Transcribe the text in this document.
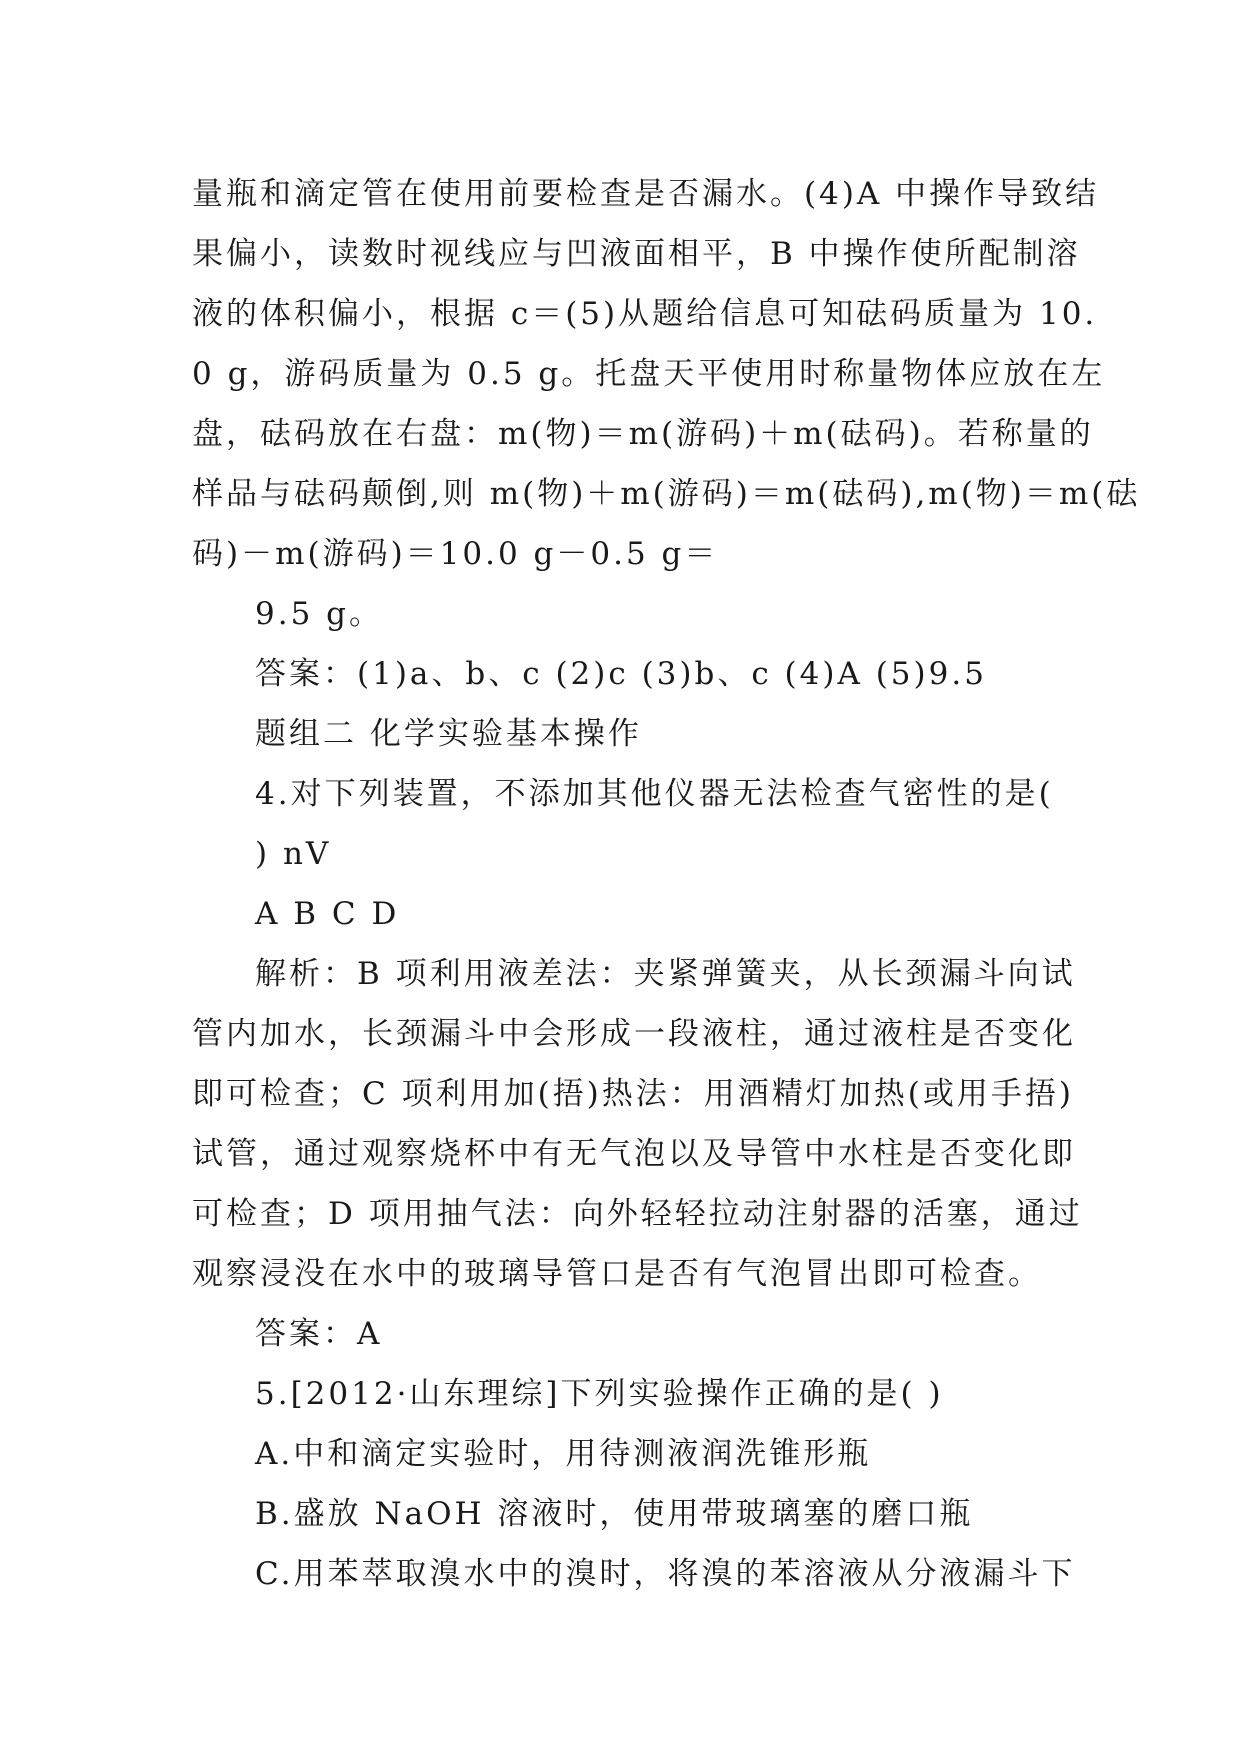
量瓶和滴定管在使用前要检查是否漏水。(4)A 中操作导致结
果偏小，读数时视线应与凹液面相平，B 中操作使所配制溶
液的体积偏小，根据 c＝(5)从题给信息可知砝码质量为 10.
0 g，游码质量为 0.5 g。托盘天平使用时称量物体应放在左
盘，砝码放在右盘：m(物)＝m(游码)＋m(砝码)。若称量的
样品与砝码颠倒,则 m(物)＋m(游码)＝m(砝码),m(物)＝m(砝
码)－m(游码)＝10.0 g－0.5 g＝
9.5 g。
答案：(1)a、b、c (2)c (3)b、c (4)A (5)9.5
题组二 化学实验基本操作
4.对下列装置，不添加其他仪器无法检查气密性的是(
) nV
A B C D
解析：B 项利用液差法：夹紧弹簧夹，从长颈漏斗向试
管内加水，长颈漏斗中会形成一段液柱，通过液柱是否变化
即可检查；C 项利用加(捂)热法：用酒精灯加热(或用手捂)
试管，通过观察烧杯中有无气泡以及导管中水柱是否变化即
可检查；D 项用抽气法：向外轻轻拉动注射器的活塞，通过
观察浸没在水中的玻璃导管口是否有气泡冒出即可检查。
答案：A
5.[2012·山东理综]下列实验操作正确的是( )
A.中和滴定实验时，用待测液润洗锥形瓶
B.盛放 NaOH 溶液时，使用带玻璃塞的磨口瓶
C.用苯萃取溴水中的溴时，将溴的苯溶液从分液漏斗下
